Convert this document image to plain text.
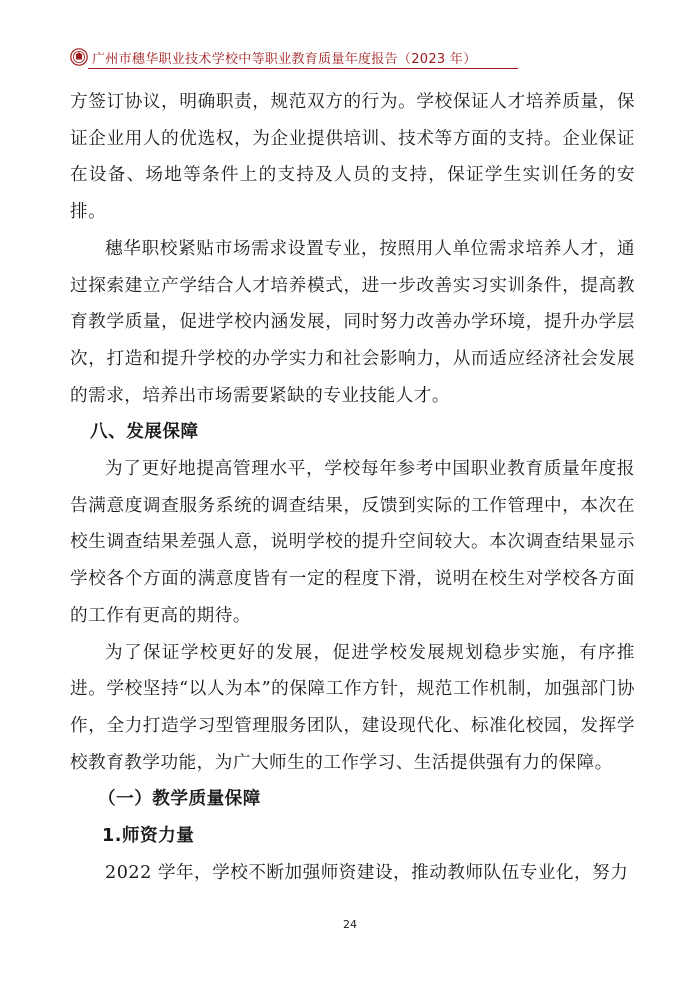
广州市穗华职业技术学校中等职业教育质量年度报告（2023 年）

方签订协议，明确职责，规范双方的行为。学校保证人才培养质量，保证企业用人的优选权，为企业提供培训、技术等方面的支持。企业保证在设备、场地等条件上的支持及人员的支持，保证学生实训任务的安排。

穗华职校紧贴市场需求设置专业，按照用人单位需求培养人才，通过探索建立产学结合人才培养模式，进一步改善实习实训条件，提高教育教学质量，促进学校内涵发展，同时努力改善办学环境，提升办学层次，打造和提升学校的办学实力和社会影响力，从而适应经济社会发展的需求，培养出市场需要紧缺的专业技能人才。

八、发展保障

为了更好地提高管理水平，学校每年参考中国职业教育质量年度报告满意度调查服务系统的调查结果，反馈到实际的工作管理中，本次在校生调查结果差强人意，说明学校的提升空间较大。本次调查结果显示学校各个方面的满意度皆有一定的程度下滑，说明在校生对学校各方面的工作有更高的期待。

为了保证学校更好的发展，促进学校发展规划稳步实施，有序推进。学校坚持“以人为本”的保障工作方针，规范工作机制，加强部门协作，全力打造学习型管理服务团队，建设现代化、标准化校园，发挥学校教育教学功能，为广大师生的工作学习、生活提供强有力的保障。

（一）教学质量保障

1.师资力量

2022 学年，学校不断加强师资建设，推动教师队伍专业化，努力

24
